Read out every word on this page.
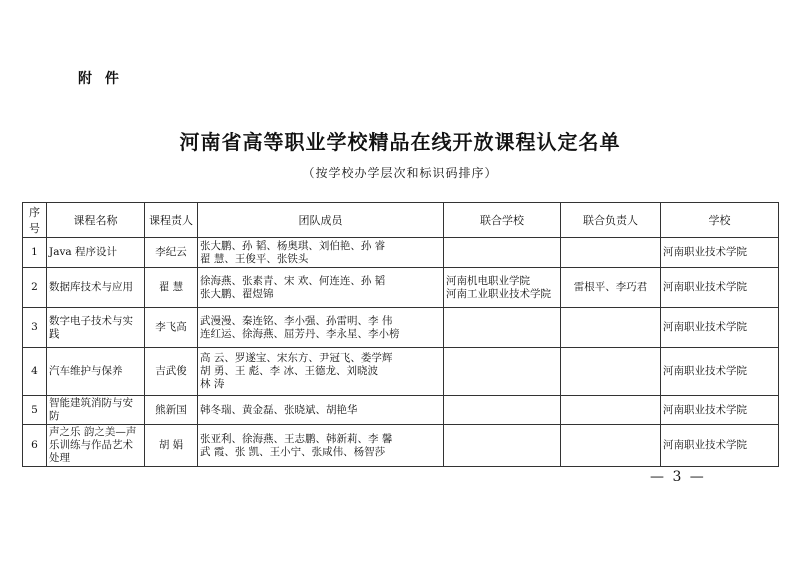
附 件
河南省高等职业学校精品在线开放课程认定名单
（按学校办学层次和标识码排序）
序号	课程名称	课程责人	团队成员	联合学校	联合负责人	学校
1	Java 程序设计	李纪云	张大鹏、孙 韬、杨奥琪、刘伯艳、孙 睿
翟 慧、王俊平、张铁头			河南职业技术学院
2	数据库技术与应用	翟 慧	徐海燕、张素青、宋 欢、何连连、孙 韬
张大鹏、翟煜锦	河南机电职业学院
河南工业职业技术学院	雷根平、李巧君	河南职业技术学院
3	数字电子技术与实践	李飞高	武漫漫、秦连铭、李小强、孙雷明、李 伟
连红运、徐海燕、屈芳丹、李永星、李小榜			河南职业技术学院
4	汽车维护与保养	吉武俊	高 云、罗遂宝、宋东方、尹冠飞、娄学辉
胡 勇、王 彪、李 冰、王德龙、刘晓波
林 涛			河南职业技术学院
5	智能建筑消防与安防	熊新国	韩冬瑞、黄金磊、张晓斌、胡艳华			河南职业技术学院
6	声之乐 韵之美—声乐训练与作品艺术处理	胡 娟	张亚利、徐海燕、王志鹏、韩新莉、李 馨
武 霞、张 凯、王小宁、张咸伟、杨智莎			河南职业技术学院
— 3 —
